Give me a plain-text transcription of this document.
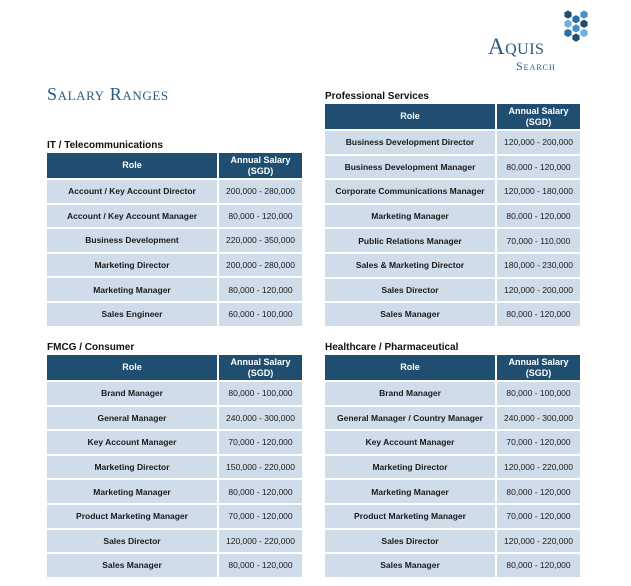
Aquis
Search
Salary Ranges
IT / Telecommunications
Role	Annual Salary
(SGD)

Account / Key Account Director	200,000 - 280,000
Account / Key Account Manager	80,000 - 120,000
Business Development	220,000 - 350,000
Marketing Director	200,000 - 280,000
Marketing Manager	80,000 - 120,000
Sales Engineer	60,000 - 100,000
Professional Services
Role	Annual Salary
(SGD)

Business Development Director	120,000 - 200,000
Business Development Manager	80,000 - 120,000
Corporate Communications Manager	120,000 - 180,000
Marketing Manager	80,000 - 120,000
Public Relations Manager	70,000 - 110,000
Sales & Marketing Director	180,000 - 230,000
Sales Director	120,000 - 200,000
Sales Manager	80,000 - 120,000
FMCG / Consumer
Role	Annual Salary
(SGD)

Brand Manager	80,000 - 100,000
General Manager	240,000 - 300,000
Key Account Manager	70,000 - 120,000
Marketing Director	150,000 - 220,000
Marketing Manager	80,000 - 120,000
Product Marketing Manager	70,000 - 120,000
Sales Director	120,000 - 220,000
Sales Manager	80,000 - 120,000
Healthcare / Pharmaceutical
Role	Annual Salary
(SGD)

Brand Manager	80,000 - 100,000
General Manager / Country Manager	240,000 - 300,000
Key Account Manager	70,000 - 120,000
Marketing Director	120,000 - 220,000
Marketing Manager	80,000 - 120,000
Product Marketing Manager	70,000 - 120,000
Sales Director	120,000 - 220,000
Sales Manager	80,000 - 120,000
